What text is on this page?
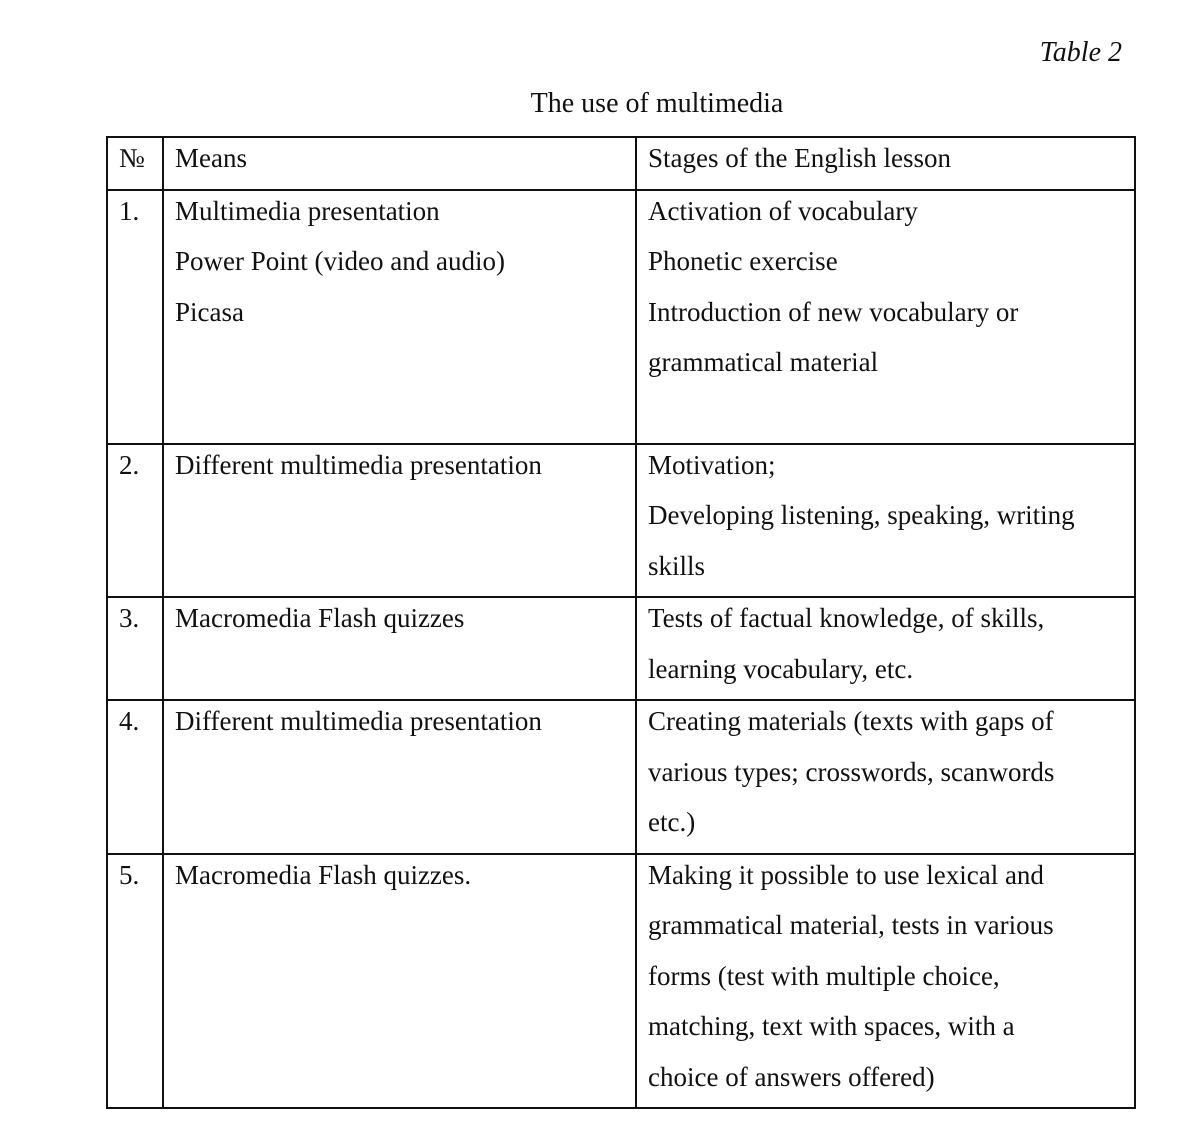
Table 2
The use of multimedia
№	Means	Stages of the English lesson

1.	Multimedia presentation
Power Point (video and audio)
Picasa	Activation of vocabulary
Phonetic exercise
Introduction of new vocabulary or
grammatical material

2.	Different multimedia presentation	Motivation;
Developing listening, speaking, writing
skills

3.	Macromedia Flash quizzes	Tests of factual knowledge, of skills,
learning vocabulary, etc.

4.	Different multimedia presentation	Creating materials (texts with gaps of
various types; crosswords, scanwords
etc.)

5.	Macromedia Flash quizzes.	Making it possible to use lexical and
grammatical material, tests in various
forms (test with multiple choice,
matching, text with spaces, with a
choice of answers offered)
